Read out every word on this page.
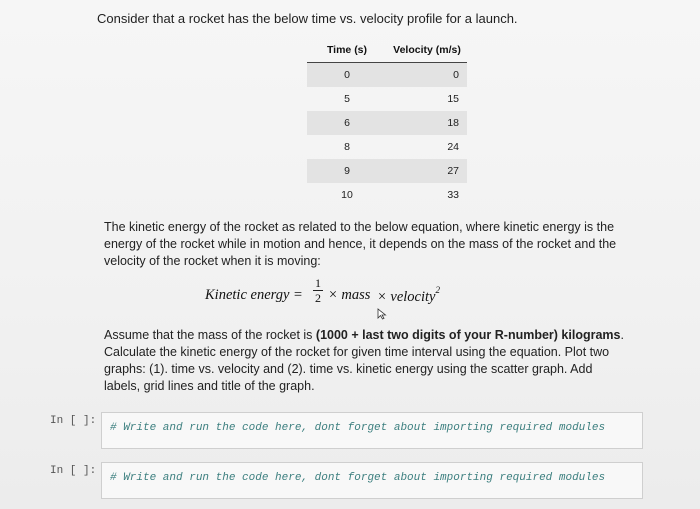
Consider that a rocket has the below time vs. velocity profile for a launch.
Time (s)	Velocity (m/s)
0	0
5	15
6	18
8	24
9	27
10	33
The kinetic energy of the rocket as related to the below equation, where kinetic energy is the energy of the rocket while in motion and hence, it depends on the mass of the rocket and the velocity of the rocket when it is moving:
Kinetic energy = $\frac{1}{2}$ × mass × velocity$^2$
Assume that the mass of the rocket is (1000 + last two digits of your R-number) kilograms. Calculate the kinetic energy of the rocket for given time interval using the equation. Plot two graphs: (1). time vs. velocity and (2). time vs. kinetic energy using the scatter graph. Add labels, grid lines and title of the graph.
In [ ]:
# Write and run the code here, dont forget about importing required modules
In [ ]:
# Write and run the code here, dont forget about importing required modules
